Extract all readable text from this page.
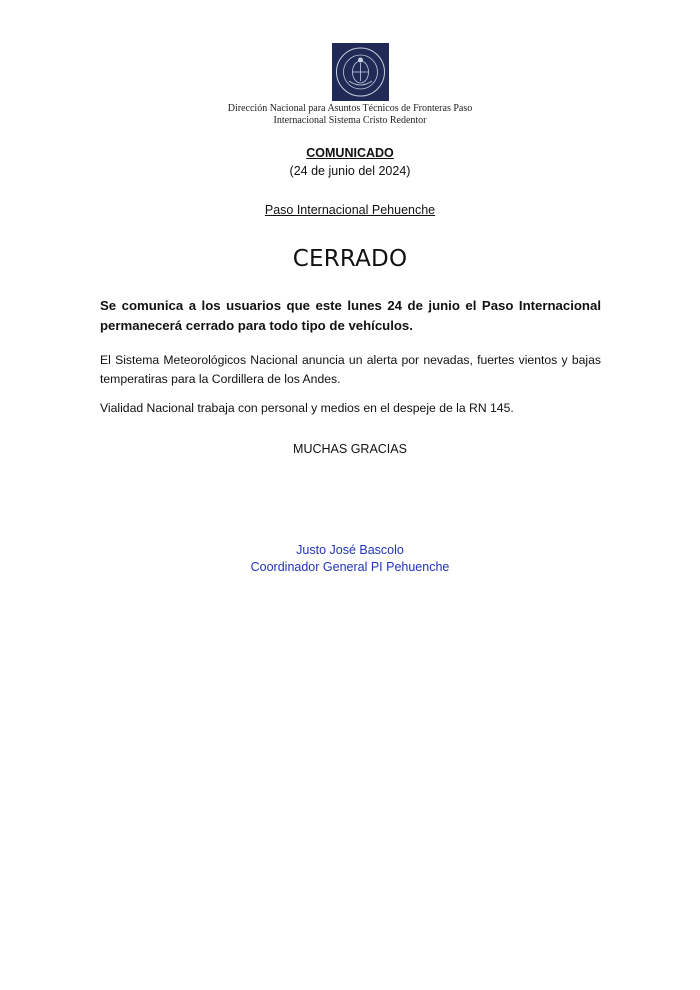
Dirección Nacional para Asuntos Técnicos de Fronteras Paso
Internacional Sistema Cristo Redentor
COMUNICADO
(24 de junio del 2024)
Paso Internacional Pehuenche
CERRADO
Se comunica a los usuarios que este lunes 24 de junio el Paso Internacional permanecerá cerrado para todo tipo de vehículos.
El Sistema Meteorológicos Nacional anuncia un alerta por nevadas, fuertes vientos y bajas temperatiras para la Cordillera de los Andes.
Vialidad Nacional trabaja con personal y medios en el despeje de la RN 145.
MUCHAS GRACIAS
Justo José Bascolo
Coordinador General PI Pehuenche
